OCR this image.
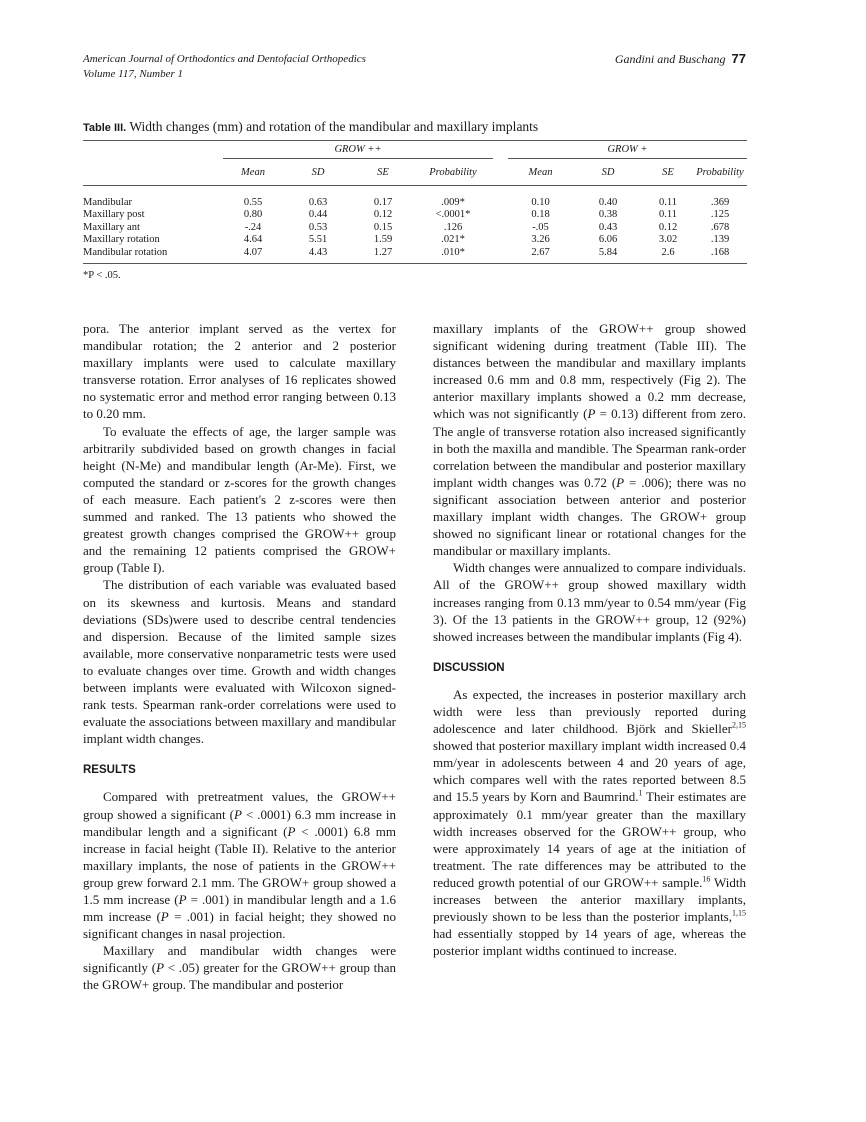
American Journal of Orthodontics and Dentofacial Orthopedics
Volume 117, Number 1
Gandini and Buschang 77
Table III. Width changes (mm) and rotation of the mandibular and maxillary implants
	GROW ++					GROW +			
	Mean	SD	SE	Probability		Mean	SD	SE	Probability
Mandibular	0.55	0.63	0.17	.009*		0.10	0.40	0.11	.369
Maxillary post	0.80	0.44	0.12	<.0001*		0.18	0.38	0.11	.125
Maxillary ant	-.24	0.53	0.15	.126		-.05	0.43	0.12	.678
Maxillary rotation	4.64	5.51	1.59	.021*		3.26	6.06	3.02	.139
Mandibular rotation	4.07	4.43	1.27	.010*		2.67	5.84	2.6	.168
*P < .05.

pora. The anterior implant served as the vertex for mandibular rotation; the 2 anterior and 2 posterior maxillary implants were used to calculate maxillary transverse rotation. Error analyses of 16 replicates showed no systematic error and method error ranging between 0.13 to 0.20 mm.

To evaluate the effects of age, the larger sample was arbitrarily subdivided based on growth changes in facial height (N-Me) and mandibular length (Ar-Me). First, we computed the standard or z-scores for the growth changes of each measure. Each patient's 2 z-scores were then summed and ranked. The 13 patients who showed the greatest growth changes comprised the GROW++ group and the remaining 12 patients comprised the GROW+ group (Table I).

The distribution of each variable was evaluated based on its skewness and kurtosis. Means and standard deviations (SDs)were used to describe central tendencies and dispersion. Because of the limited sample sizes available, more conservative nonparametric tests were used to evaluate changes over time. Growth and width changes between implants were evaluated with Wilcoxon signed-rank tests. Spearman rank-order correlations were used to evaluate the associations between maxillary and mandibular implant width changes.

RESULTS

Compared with pretreatment values, the GROW++ group showed a significant (P < .0001) 6.3 mm increase in mandibular length and a significant (P < .0001) 6.8 mm increase in facial height (Table II). Relative to the anterior maxillary implants, the nose of patients in the GROW++ group grew forward 2.1 mm. The GROW+ group showed a 1.5 mm increase (P = .001) in mandibular length and a 1.6 mm increase (P = .001) in facial height; they showed no significant changes in nasal projection.

Maxillary and mandibular width changes were significantly (P < .05) greater for the GROW++ group than the GROW+ group. The mandibular and posterior

maxillary implants of the GROW++ group showed significant widening during treatment (Table III). The distances between the mandibular and maxillary implants increased 0.6 mm and 0.8 mm, respectively (Fig 2). The anterior maxillary implants showed a 0.2 mm decrease, which was not significantly (P = 0.13) different from zero. The angle of transverse rotation also increased significantly in both the maxilla and mandible. The Spearman rank-order correlation between the mandibular and posterior maxillary implant width changes was 0.72 (P = .006); there was no significant association between anterior and posterior maxillary implant width changes. The GROW+ group showed no significant linear or rotational changes for the mandibular or maxillary implants.

Width changes were annualized to compare individuals. All of the GROW++ group showed maxillary width increases ranging from 0.13 mm/year to 0.54 mm/year (Fig 3). Of the 13 patients in the GROW++ group, 12 (92%) showed increases between the mandibular implants (Fig 4).

DISCUSSION

As expected, the increases in posterior maxillary arch width were less than previously reported during adolescence and later childhood. Björk and Skieller$^{2,15}$ showed that posterior maxillary implant width increased 0.4 mm/year in adolescents between 4 and 20 years of age, which compares well with the rates reported between 8.5 and 15.5 years by Korn and Baumrind.$^1$ Their estimates are approximately 0.1 mm/year greater than the maxillary width increases observed for the GROW++ group, who were approximately 14 years of age at the initiation of treatment. The rate differences may be attributed to the reduced growth potential of our GROW++ sample.$^{16}$ Width increases between the anterior maxillary implants, previously shown to be less than the posterior implants,$^{1,15}$ had essentially stopped by 14 years of age, whereas the posterior implant widths continued to increase.
